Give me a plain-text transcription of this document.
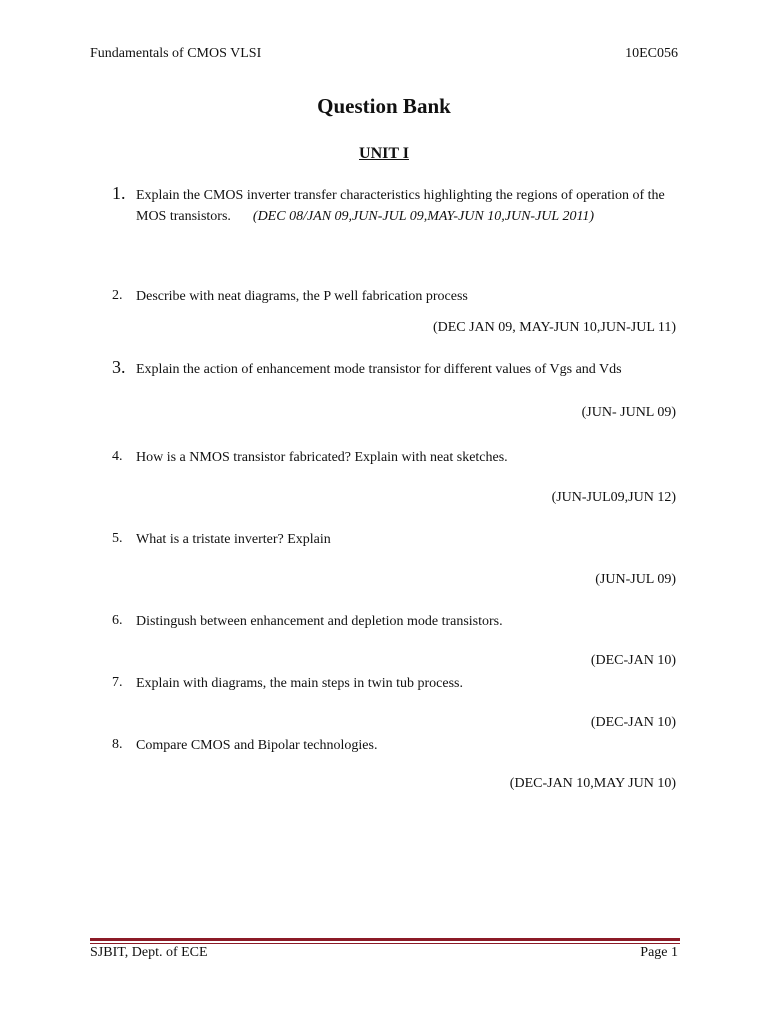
Fundamentals of CMOS VLSI	10EC056
Question Bank
UNIT I
1. Explain the CMOS inverter transfer characteristics highlighting the regions of operation of the MOS transistors. (DEC 08/JAN 09,JUN-JUL 09,MAY-JUN 10,JUN-JUL 2011)
2. Describe with neat diagrams, the P well fabrication process
(DEC JAN 09, MAY-JUN 10,JUN-JUL 11)
3. Explain the action of enhancement mode transistor for different values of Vgs and Vds
(JUN- JUNL 09)
4. How is a NMOS transistor fabricated? Explain with neat sketches.
(JUN-JUL09,JUN 12)
5. What is a tristate inverter? Explain
(JUN-JUL 09)
6. Distingush between enhancement and depletion mode transistors.
(DEC-JAN 10)
7. Explain with diagrams, the main steps in twin tub process.
(DEC-JAN 10)
8. Compare CMOS and Bipolar technologies.
(DEC-JAN 10,MAY JUN 10)
SJBIT, Dept. of ECE	Page 1
